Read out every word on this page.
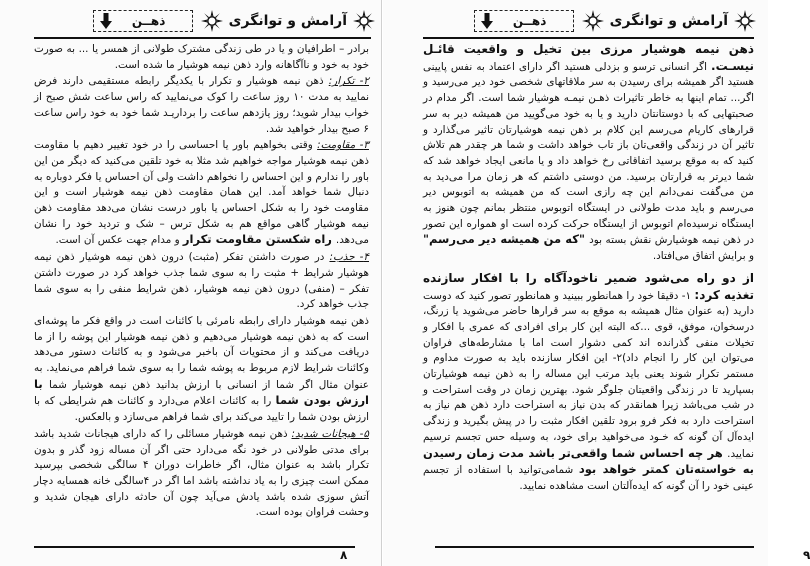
آرامش و توانگری
ذهــن

برادر – اطرافیان و یا در طی زندگی مشترک طولانی از همسر یا ... به صورت خود به خود و ناآگاهانه وارد ذهن نیمه هوشیار ما شده است.

۲- تکرار: ذهن نیمه هوشیار و تکرار با یکدیگر رابطه مستقیمی دارند فرض نمایید به مدت ۱۰ روز ساعت را کوک می‌نمایید که راس ساعت شش صبح از خواب بیدار شوید؛ روز یازدهم ساعت را برداریـد شما خود به خود راس ساعت ۶ صبح بیدار خواهید شد.

۳- مقاومت: وقتی بخواهیم باور یا احساسی را در خود تغییر دهیم با مقاومت ذهن نیمه هوشیار مواجه خواهیم شد مثلا به خود تلقین می‌کنید که دیگر من این باور را ندارم و این احساس را نخواهم داشت ولی آن احساس یا فکر دوباره به دنبال شما خواهد آمد. این همان مقاومت ذهن نیمه هوشیار است و این مقاومت خود را به شکل احساس یا باور درست نشان می‌دهد مقاومت ذهن نیمه هوشیار گاهی مواقع هم به شکل ترس – شک و تردید خود را نشان می‌دهد. راه شکستن مقاومت تکرار و مدام جهت عکس آن است.

۴- جذب: در صورت داشتن تفکر (مثبت) درون ذهن نیمه هوشیار ذهن نیمه هوشیار شرایط + مثبت را به سوی شما جذب خواهد کرد در صورت داشتن تفکر – (منفی) درون ذهن نیمه هوشیار، ذهن شرایط منفی را به سوی شما جذب خواهد کرد.

ذهن نیمه هوشیار دارای رابطه نامرئی با کائنات است در واقع فکر ما پوشه‌ای است که به ذهن نیمه هوشیار می‌دهیم و ذهن نیمه هوشیار این پوشه را از ما دریافت می‌کند و از محتویات آن باخبر می‌شود و به کائنات دستور می‌دهد وکائنات شرایط لازم مربوط به پوشه شما را به سوی شما فراهم می‌نماید. به عنوان مثال اگر شما از انسانی با ارزش بدانید ذهن نیمه هوشیار شما با ارزش بودن شما را به کائنات اعلام می‌دارد و کائنات هم شرایطی که با ارزش بودن شما را تایید می‌کند برای شما فراهم می‌سازد و بالعکس.

۵- هیجانات شدید: ذهن نیمه هوشیار مسائلی را که دارای هیجانات شدید باشد برای مدتی طولانی در خود نگه می‌دارد حتی اگر آن مساله زود گذر و بدون تکرار باشد به عنوان مثال، اگر خاطرات دوران ۴ سالگی شخصی بپرسید ممکن است چیزی را به یاد نداشته باشد اما اگر در ۴سالگی خانه همسایه دچار آتش سوزی شده باشد یادش می‌آید چون آن حادثه دارای هیجان شدید و وحشت فراوان بوده است.

۸
آرامش و توانگری
ذهــن

ذهن نیمه هوشیار مرزی بین تخیل و واقعیت قائـل نیسـت. اگر انسانی ترسو و بزدلی هستید اگر دارای اعتماد به نفس پایینی هستید اگر همیشه برای رسیدن به سر ملاقاتهای شخصی خود دیر می‌رسید و اگر... تمام اینها به خاطر تاثیرات ذهـن نیمـه هوشیار شما است. اگر مدام در صحبتهایی که با دوستانتان دارید و یا به خود می‌گویید من همیشه دیر به سر قرارهای کاریام می‌رسم این کلام بر ذهن نیمه هوشیارتان تاثیر می‌گذارد و تاثیر آن در زندگی واقعی‌تان باز تاب خواهد داشت و شما هر چقدر هم تلاش کنید که به موقع برسید اتفاقاتی رخ خواهد داد و یا مانعی ایجاد خواهد شد که شما دیرتر به قرارتان برسید. من دوستی داشتم که هر زمان مرا می‌دید به من می‌گفت نمی‌دانم این چه رازی است که من همیشه به اتوبوس دیر می‌رسم و باید مدت طولانی در ایستگاه اتوبوس منتظر بمانم چون هنوز به ایستگاه نرسیده‌ام اتوبوس از ایستگاه حرکت کرده است او همواره این تصور در ذهن نیمه هوشیارش نقش بسته بود "که من همیشه دیر می‌رسم" و برایش اتفاق می‌افتاد.

از دو راه می‌شود ضمیر ناخودآگاه را با افکار سازنده تغذیه کرد: ۱- دقیقا خود را همانطور ببینید و همانطور تصور کنید که دوست دارید (به عنوان مثال همیشه به موقع به سر قرارها حاضر می‌شوید یا زرنگ، درسخوان، موفق، قوی ...که البته این کار برای افرادی که عمری با افکار و تخیلات منفی گذرانده اند کمی دشوار است اما با مشارطه‌های فراوان می‌توان این کار را انجام داد)۲- این افکار سازنده باید به صورت مداوم و مستمر تکرار شوند یعنی باید مرتب این مساله را به ذهن نیمه هوشیارتان بسپارید تا در زندگی واقعیتان جلوگر شود. بهترین زمان در وقت استراحت و در شب می‌باشد زیرا همانقدر که بدن نیاز به استراحت دارد ذهن هم نیاز به استراحت دارد به فکر فرو برود تلقین افکار مثبت را در پیش بگیرید و زندگی ایده‌آل آن گونه که خـود می‌خواهید برای خود، به وسیله حس تجسم ترسیم نمایید. هر چه احساس شما واقعی‌تر باشد مدت زمان رسیدن به خواسته‌تان کمتر خواهد بود شمامی‌توانید با استفاده از تجسم عینی خود را آن گونه که ایده‌آلتان است مشاهده نمایید.

۹
